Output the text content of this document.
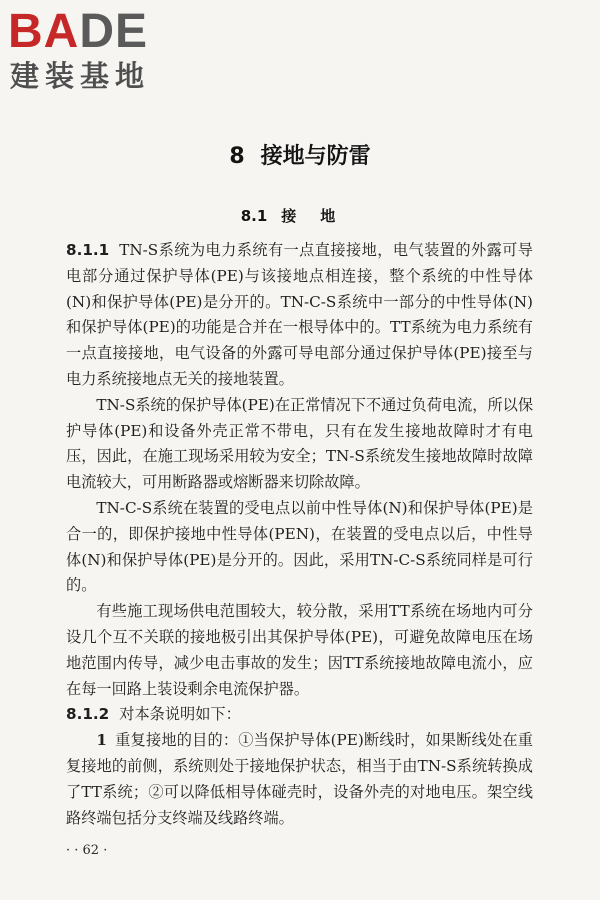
BADE
建装基地
8 接地与防雷
8.1 接地

8.1.1 TN-S系统为电力系统有一点直接接地，电气装置的外露可导电部分通过保护导体(PE)与该接地点相连接，整个系统的中性导体(N)和保护导体(PE)是分开的。TN-C-S系统中一部分的中性导体(N)和保护导体(PE)的功能是合并在一根导体中的。TT系统为电力系统有一点直接接地，电气设备的外露可导电部分通过保护导体(PE)接至与电力系统接地点无关的接地装置。

TN-S系统的保护导体(PE)在正常情况下不通过负荷电流，所以保护导体(PE)和设备外壳正常不带电，只有在发生接地故障时才有电压，因此，在施工现场采用较为安全；TN-S系统发生接地故障时故障电流较大，可用断路器或熔断器来切除故障。

TN-C-S系统在装置的受电点以前中性导体(N)和保护导体(PE)是合一的，即保护接地中性导体(PEN)，在装置的受电点以后，中性导体(N)和保护导体(PE)是分开的。因此，采用TN-C-S系统同样是可行的。

有些施工现场供电范围较大，较分散，采用TT系统在场地内可分设几个互不关联的接地极引出其保护导体(PE)，可避免故障电压在场地范围内传导，减少电击事故的发生；因TT系统接地故障电流小，应在每一回路上装设剩余电流保护器。

8.1.2 对本条说明如下：

1 重复接地的目的：①当保护导体(PE)断线时，如果断线处在重复接地的前侧，系统则处于接地保护状态，相当于由TN-S系统转换成了TT系统；②可以降低相导体碰壳时，设备外壳的对地电压。架空线路终端包括分支终端及线路终端。

· · 62 ·
